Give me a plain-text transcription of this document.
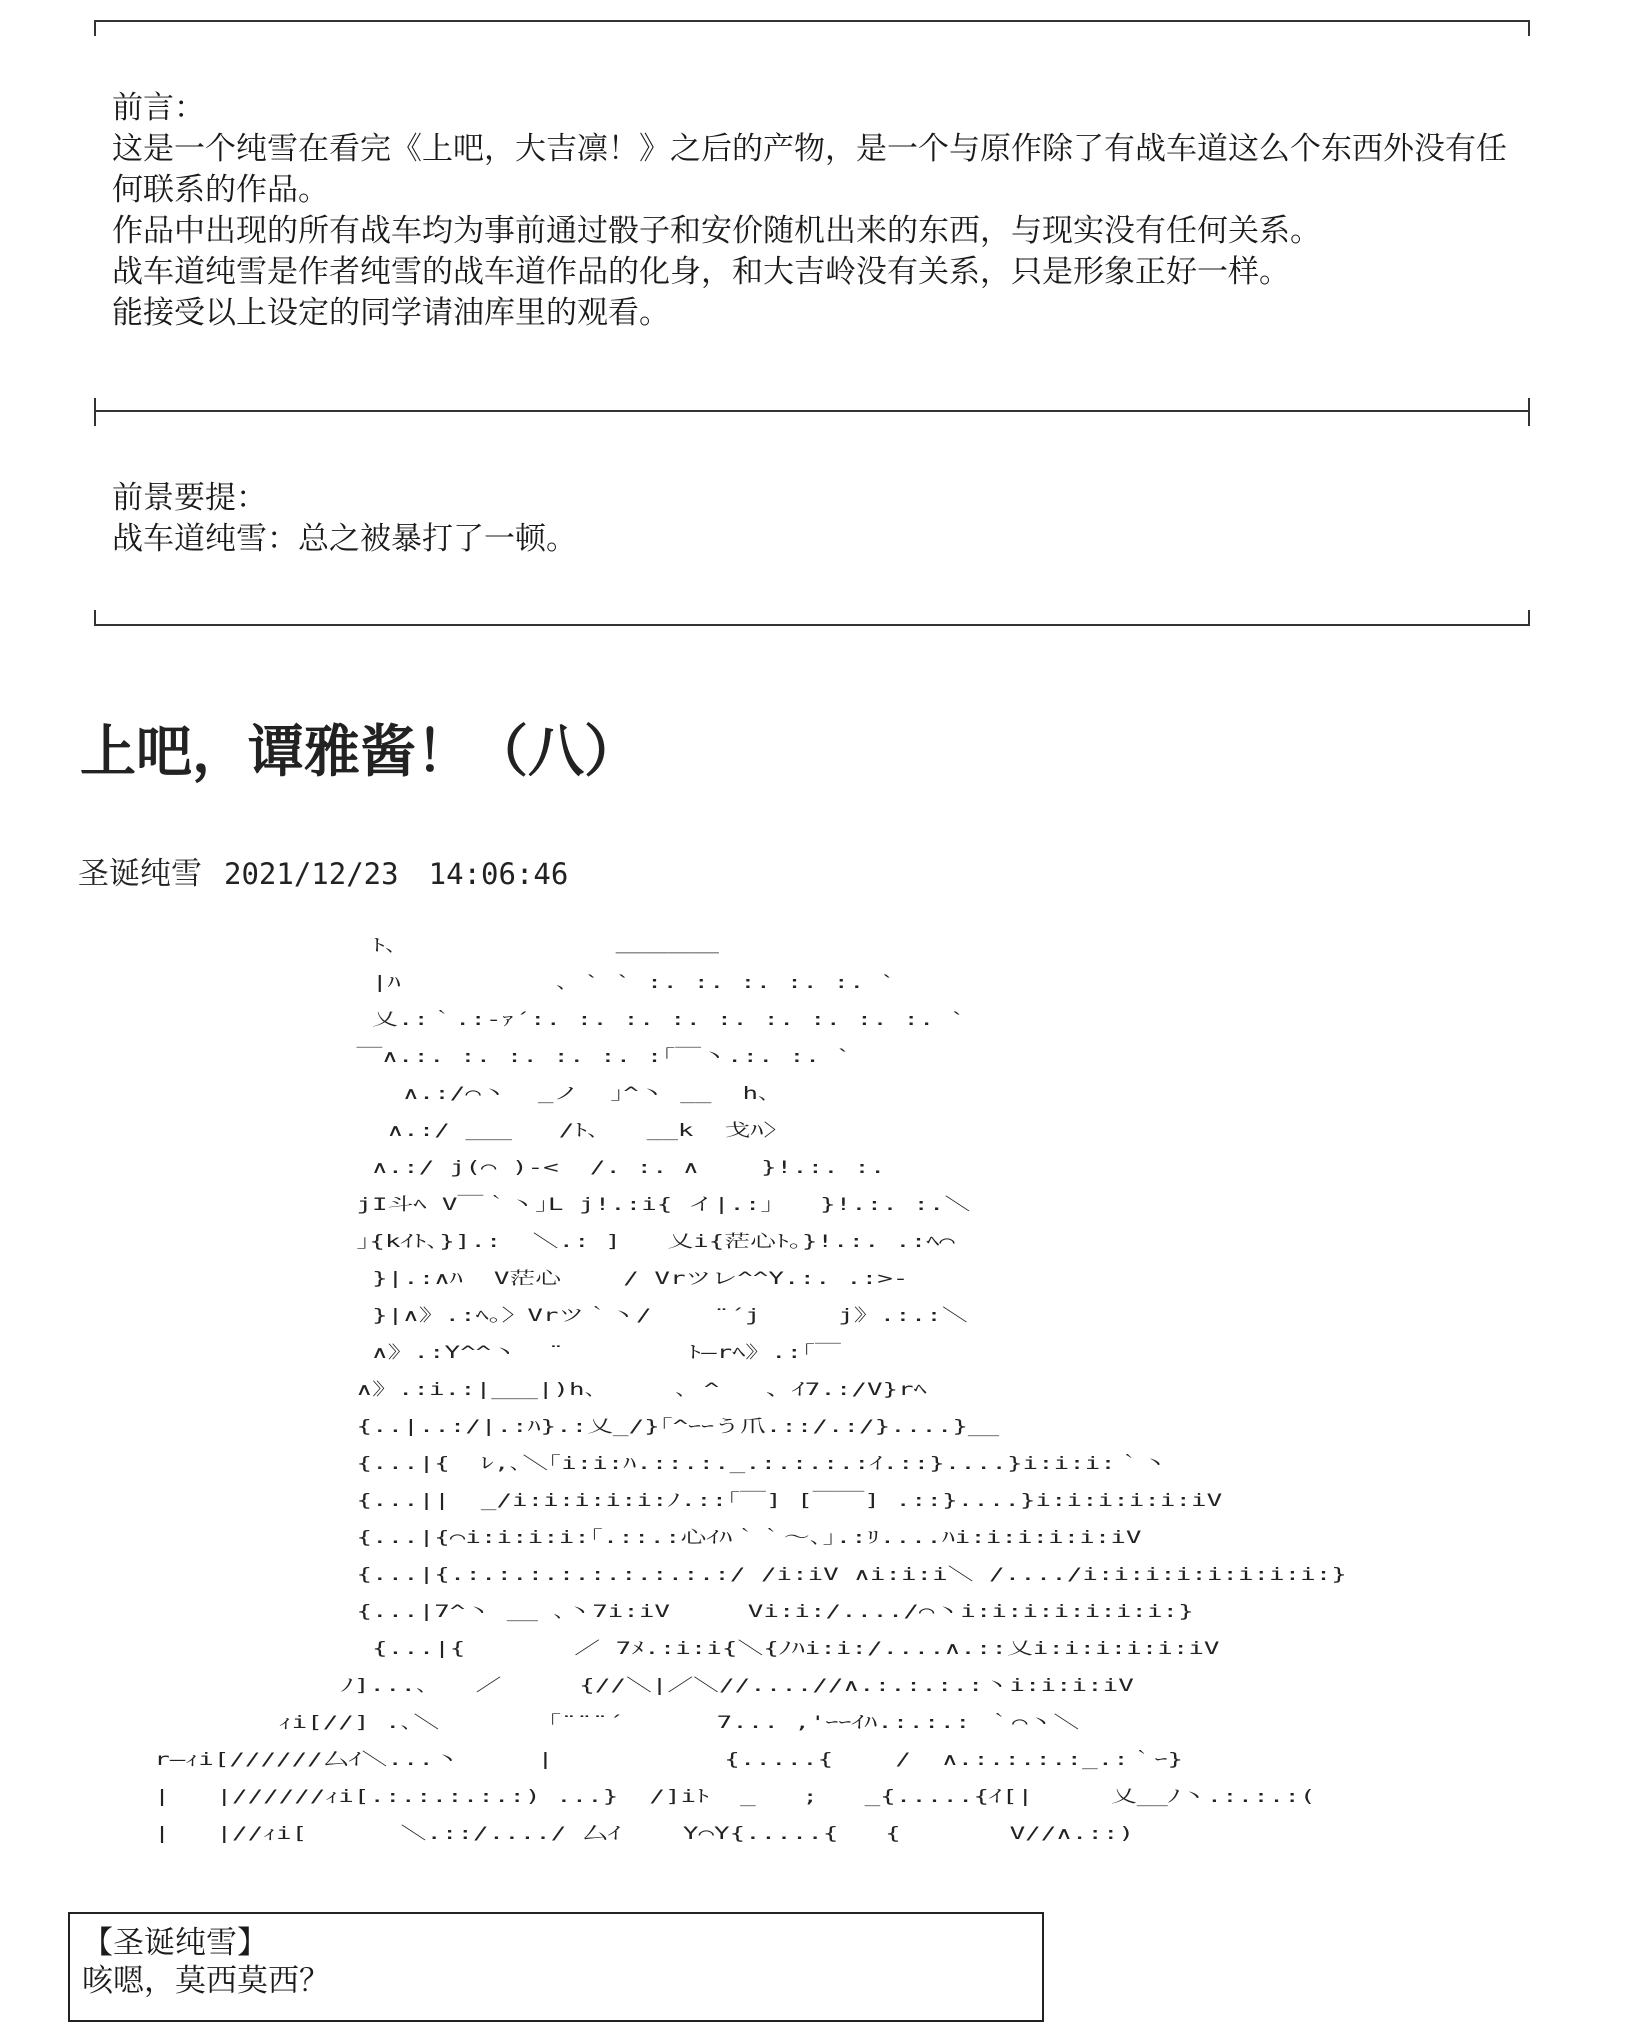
前言：

这是一个纯雪在看完《上吧，大吉凛！》之后的产物，是一个与原作除了有战车道这么个东西外没有任何联系的作品。

作品中出现的所有战车均为事前通过骰子和安价随机出来的东西，与现实没有任何关系。

战车道纯雪是作者纯雪的战车道作品的化身，和大吉岭没有关系，只是形象正好一样。

能接受以上设定的同学请油库里的观看。

前景要提：

战车道纯雪：总之被暴打了一顿。

上吧，谭雅酱！（八）
圣诞纯雪 2021/12/23 14:06:46
ﾄ､              ＿＿＿＿
|ﾊ          ､ ` ` :. :. :. :. :. `
乂.:｀.:-ｧ´:. :. :. :. :. :. :. :. :. `
￣∧.:. :. :. :. :. :｢￣丶.:. :. `
∧.:/⌒丶  _ノ  ｣^丶 __  h､
∧.:/ ___   /ﾄ､   __k  戈ﾊ〉
∧.:/ j(⌒ )-<  /. :. ∧    }!.:. :.
jI斗ﾍ V￣｀丶｣L j!.:i{ イ|.:｣   }!.:. :.＼
｣{kｲﾄ､}].:  ＼.: ]   乂i{茫心ﾄ｡}!.:. .:ﾍ⌒
}|.:∧ﾊ  V茫心    / Vrツレ^^Y.:. .:>-
}|∧》.:ﾍ｡〉Vrツ｀丶/    ¨´j     j》.:.:＼
∧》.:Y^^丶  ¨        ﾄ―rﾍ》.:｢￣
∧》.:i.:|___|)h､     ､ ^   、ｲ7.:/V}rﾍ
{..|..:/|.:ﾊ}.:乂_/}｢^ｰｰう爪.::/.:/}....}__
{...|{  ﾚ,､＼｢i:i:ﾊ.::.:._.:.:.:.:ｲ.::}....}i:i:i:｀丶
{...||  _/i:i:i:i:i:ﾉ.::｢￣] [￣￣] .::}....}i:i:i:i:i:iV
{...|{⌒i:i:i:i:｢.::.:心ｲﾊ｀｀〜､｣.:ﾘ....ﾊi:i:i:i:i:iV
{...|{.:.:.:.:.:.:.:.:.:/ /i:iV ∧i:i:i＼ /..../i:i:i:i:i:i:i:i:}
{...|7^丶 __ ､丶7i:iV     Vi:i:/..../⌒丶i:i:i:i:i:i:i:}
{...|{       ／ 7ﾒ.:i:i{＼{ﾉﾊi:i:/....∧.::乂i:i:i:i:i:iV
ﾉ]...､   ／     {//＼|／＼//....//∧.:.:.:.:丶i:i:i:iV
ｨi[//] .､＼       ｢¨¨¨´      7... ,'ｰｰｲﾊ.:.:.: ｀⌒丶＼
r―ｨi[//////厶ｲ＼...丶     |           {.....{    /  ∧.:.:.:.:_.:｀ｰ}
|   |//////ｨi[.:.:.:.:.:) ...}  /]iﾄ  _   ;   _{.....{ｲ[|     乂__ﾉ丶.:.:.:(
|   |//ｨi[      ＼.::/..../ 厶ｲ    Y⌒Y{.....{   {       V//∧.::)

【圣诞纯雪】

咳嗯，莫西莫西？
